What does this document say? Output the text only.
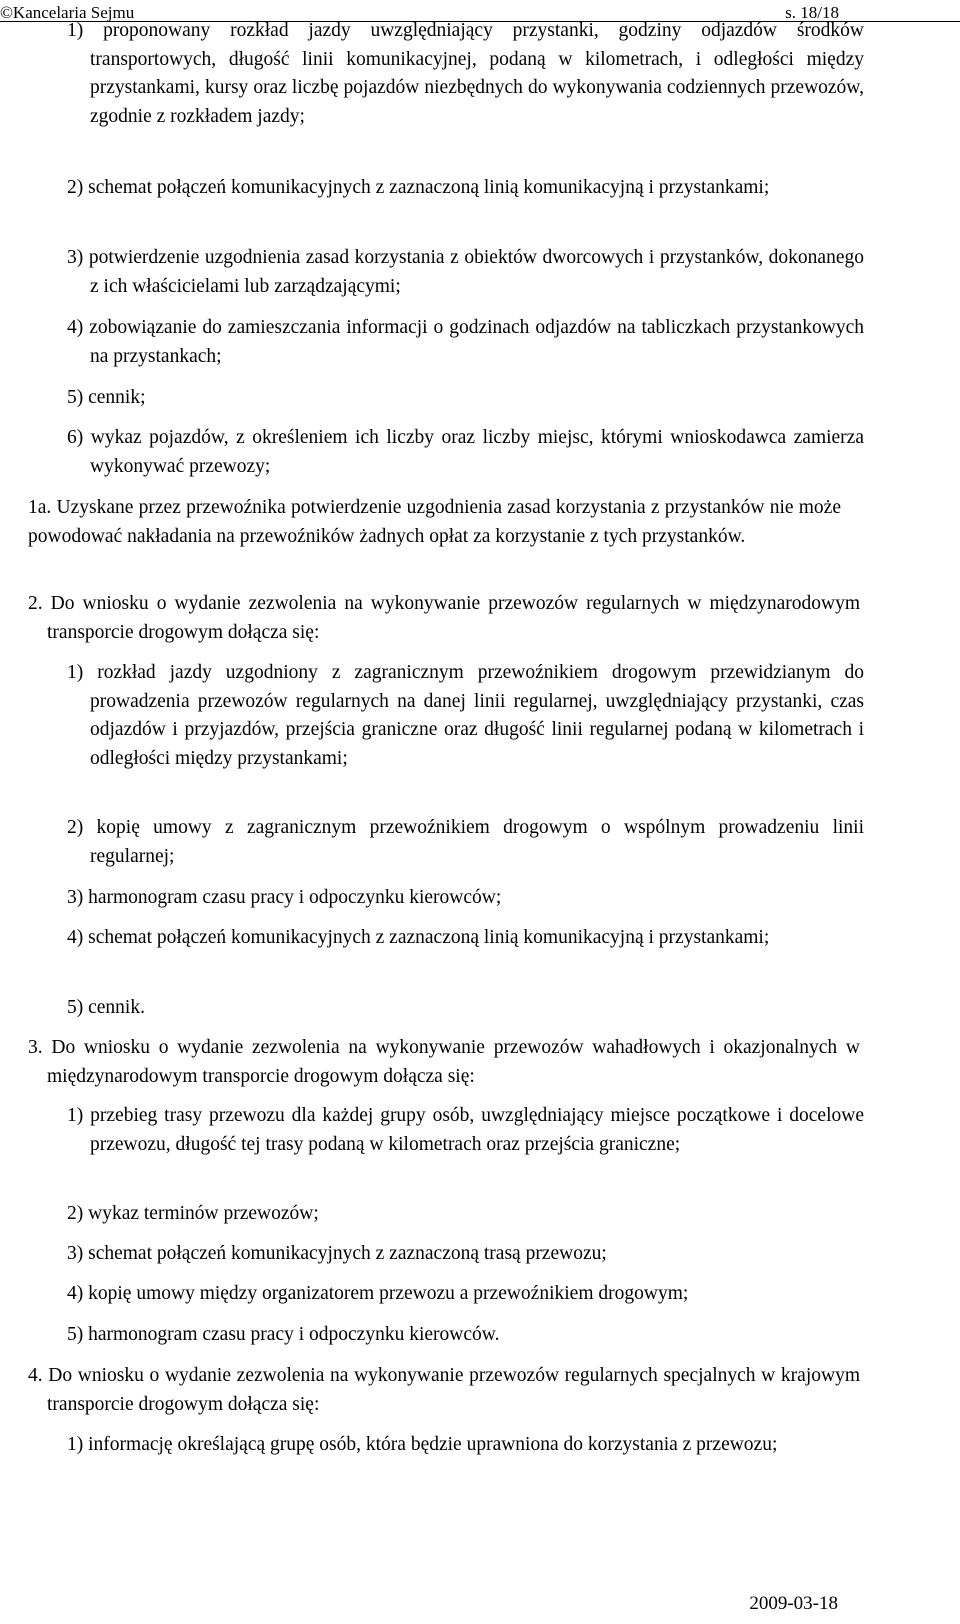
©Kancelaria Sejmu	s. 18/18
1) proponowany rozkład jazdy uwzględniający przystanki, godziny odjazdów środków transportowych, długość linii komunikacyjnej, podaną w kilometrach, i odległości między przystankami, kursy oraz liczbę pojazdów niezbędnych do wykonywania codziennych przewozów, zgodnie z rozkładem jazdy;
2) schemat połączeń komunikacyjnych z zaznaczoną linią komunikacyjną i przystankami;
3) potwierdzenie uzgodnienia zasad korzystania z obiektów dworcowych i przystanków, dokonanego z ich właścicielami lub zarządzającymi;
4) zobowiązanie do zamieszczania informacji o godzinach odjazdów na tabliczkach przystankowych na przystankach;
5) cennik;
6) wykaz pojazdów, z określeniem ich liczby oraz liczby miejsc, którymi wnioskodawca zamierza wykonywać przewozy;
1a. Uzyskane przez przewoźnika potwierdzenie uzgodnienia zasad korzystania z przystanków nie może powodować nakładania na przewoźników żadnych opłat za korzystanie z tych przystanków.
2. Do wniosku o wydanie zezwolenia na wykonywanie przewozów regularnych w międzynarodowym transporcie drogowym dołącza się:
1) rozkład jazdy uzgodniony z zagranicznym przewoźnikiem drogowym przewidzianym do prowadzenia przewozów regularnych na danej linii regularnej, uwzględniający przystanki, czas odjazdów i przyjazdów, przejścia graniczne oraz długość linii regularnej podaną w kilometrach i odległości między przystankami;
2) kopię umowy z zagranicznym przewoźnikiem drogowym o wspólnym prowadzeniu linii regularnej;
3) harmonogram czasu pracy i odpoczynku kierowców;
4) schemat połączeń komunikacyjnych z zaznaczoną linią komunikacyjną i przystankami;
5) cennik.
3. Do wniosku o wydanie zezwolenia na wykonywanie przewozów wahadłowych i okazjonalnych w międzynarodowym transporcie drogowym dołącza się:
1) przebieg trasy przewozu dla każdej grupy osób, uwzględniający miejsce początkowe i docelowe przewozu, długość tej trasy podaną w kilometrach oraz przejścia graniczne;
2) wykaz terminów przewozów;
3) schemat połączeń komunikacyjnych z zaznaczoną trasą przewozu;
4) kopię umowy między organizatorem przewozu a przewoźnikiem drogowym;
5) harmonogram czasu pracy i odpoczynku kierowców.
4. Do wniosku o wydanie zezwolenia na wykonywanie przewozów regularnych specjalnych w krajowym transporcie drogowym dołącza się:
1) informację określającą grupę osób, która będzie uprawniona do korzystania z przewozu;
2009-03-18
